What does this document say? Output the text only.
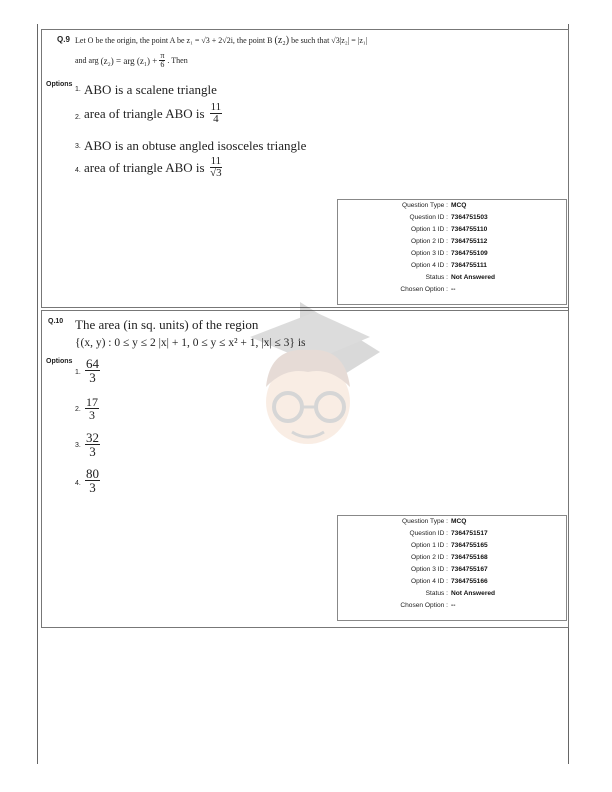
Q.9 Let O be the origin, the point A be z₁ = √3 + 2√2i, the point B (z₂) be such that √3|z₂| = |z₁|
and arg
(z₂) = arg $(z_1) + \frac{\pi}{6}$ . Then
Options
1. ABO is a scalene triangle
2. area of triangle ABO is $\frac{11}{4}$
3. ABO is an obtuse angled isosceles triangle
4. area of triangle ABO is $\frac{11}{√3}$
Question Type : MCQ
Question ID : 7364751503
Option 1 ID : 7364755110
Option 2 ID : 7364755112
Option 3 ID : 7364755109
Option 4 ID : 7364755111
Status : Not Answered
Chosen Option : --
Q.10 The area (in sq. units) of the region
{(x, y) : 0 ≤ y ≤ 2 |x| + 1, 0 ≤ y ≤ x² + 1, |x| ≤ 3} is
Options
1. $\frac{64}{3}$
2. $\frac{17}{3}$
3. $\frac{32}{3}$
4. $\frac{80}{3}$
Question Type : MCQ
Question ID : 7364751517
Option 1 ID : 7364755165
Option 2 ID : 7364755168
Option 3 ID : 7364755167
Option 4 ID : 7364755166
Status : Not Answered
Chosen Option : --
